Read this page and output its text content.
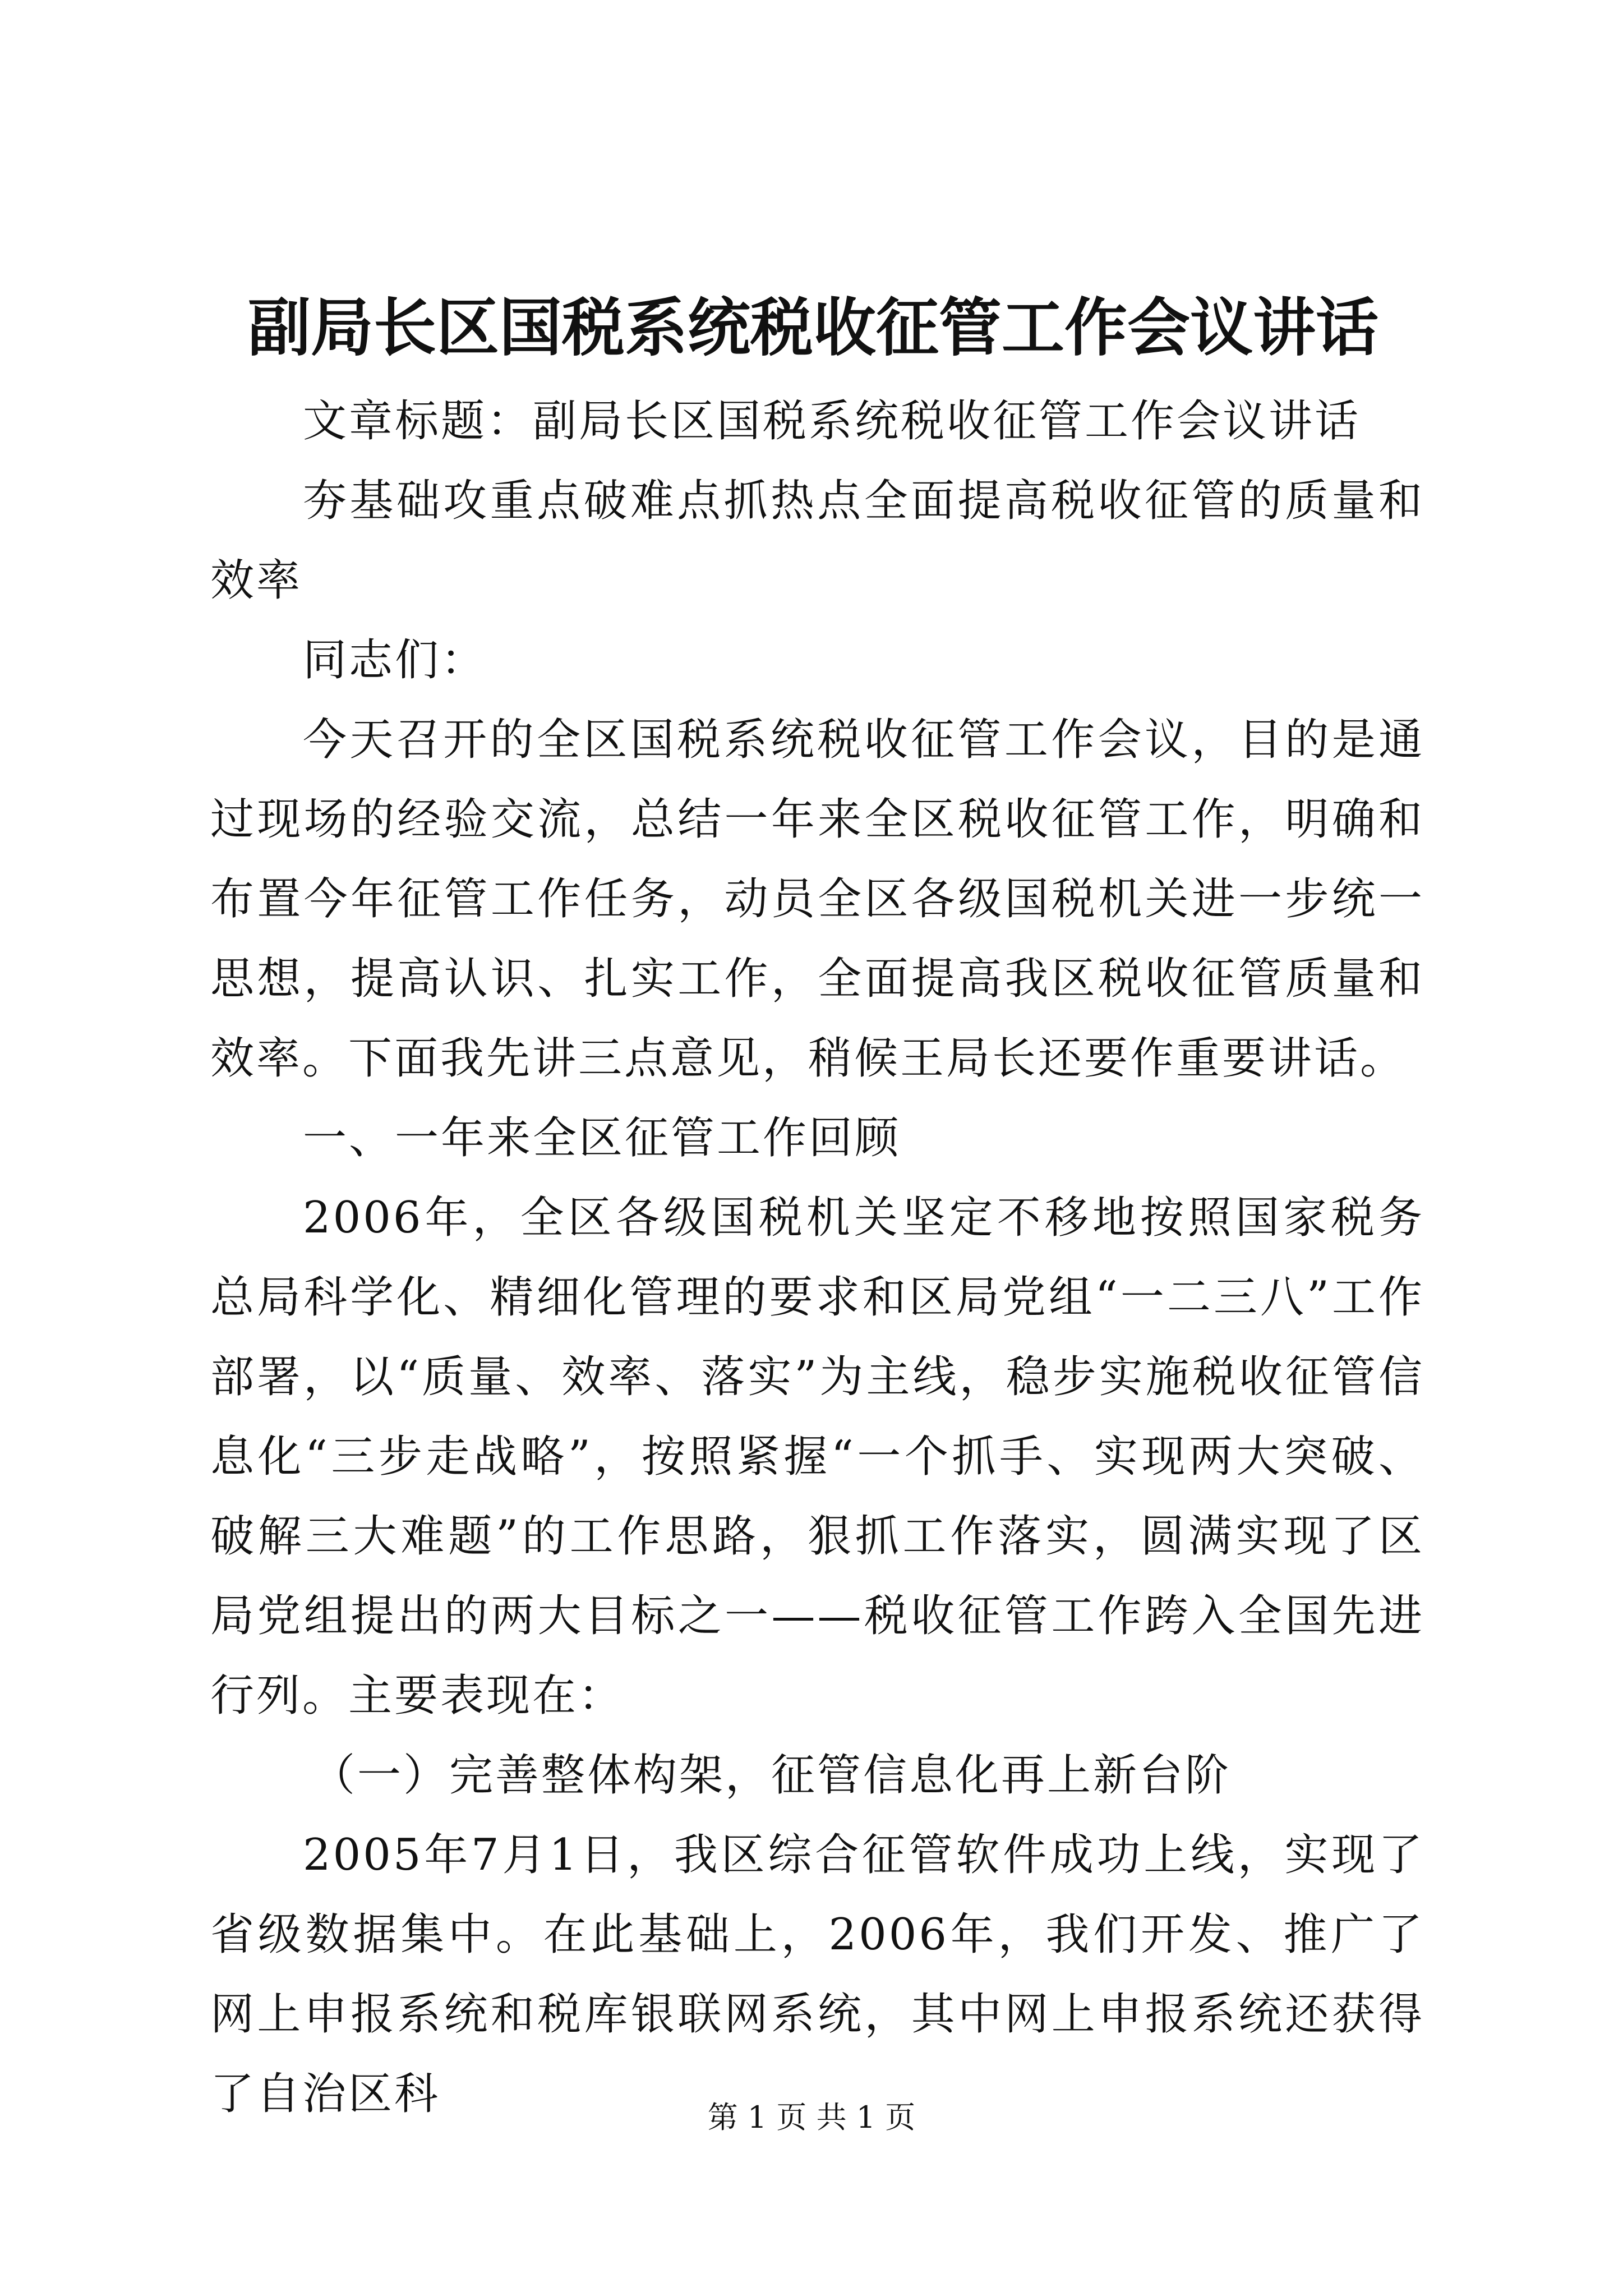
副局长区国税系统税收征管工作会议讲话

文章标题：副局长区国税系统税收征管工作会议讲话

夯基础攻重点破难点抓热点全面提高税收征管的质量和效率

同志们：

今天召开的全区国税系统税收征管工作会议，目的是通过现场的经验交流，总结一年来全区税收征管工作，明确和布置今年征管工作任务，动员全区各级国税机关进一步统一思想，提高认识、扎实工作，全面提高我区税收征管质量和效率。下面我先讲三点意见，稍候王局长还要作重要讲话。

一、一年来全区征管工作回顾

2006年，全区各级国税机关坚定不移地按照国家税务总局科学化、精细化管理的要求和区局党组“一二三八”工作部署，以“质量、效率、落实”为主线，稳步实施税收征管信息化“三步走战略”，按照紧握“一个抓手、实现两大突破、破解三大难题”的工作思路，狠抓工作落实，圆满实现了区局党组提出的两大目标之一——税收征管工作跨入全国先进行列。主要表现在：

（一）完善整体构架，征管信息化再上新台阶

2005年7月1日，我区综合征管软件成功上线，实现了省级数据集中。在此基础上，2006年，我们开发、推广了网上申报系统和税库银联网系统，其中网上申报系统还获得了自治区科	第 1 页 共 1 页
